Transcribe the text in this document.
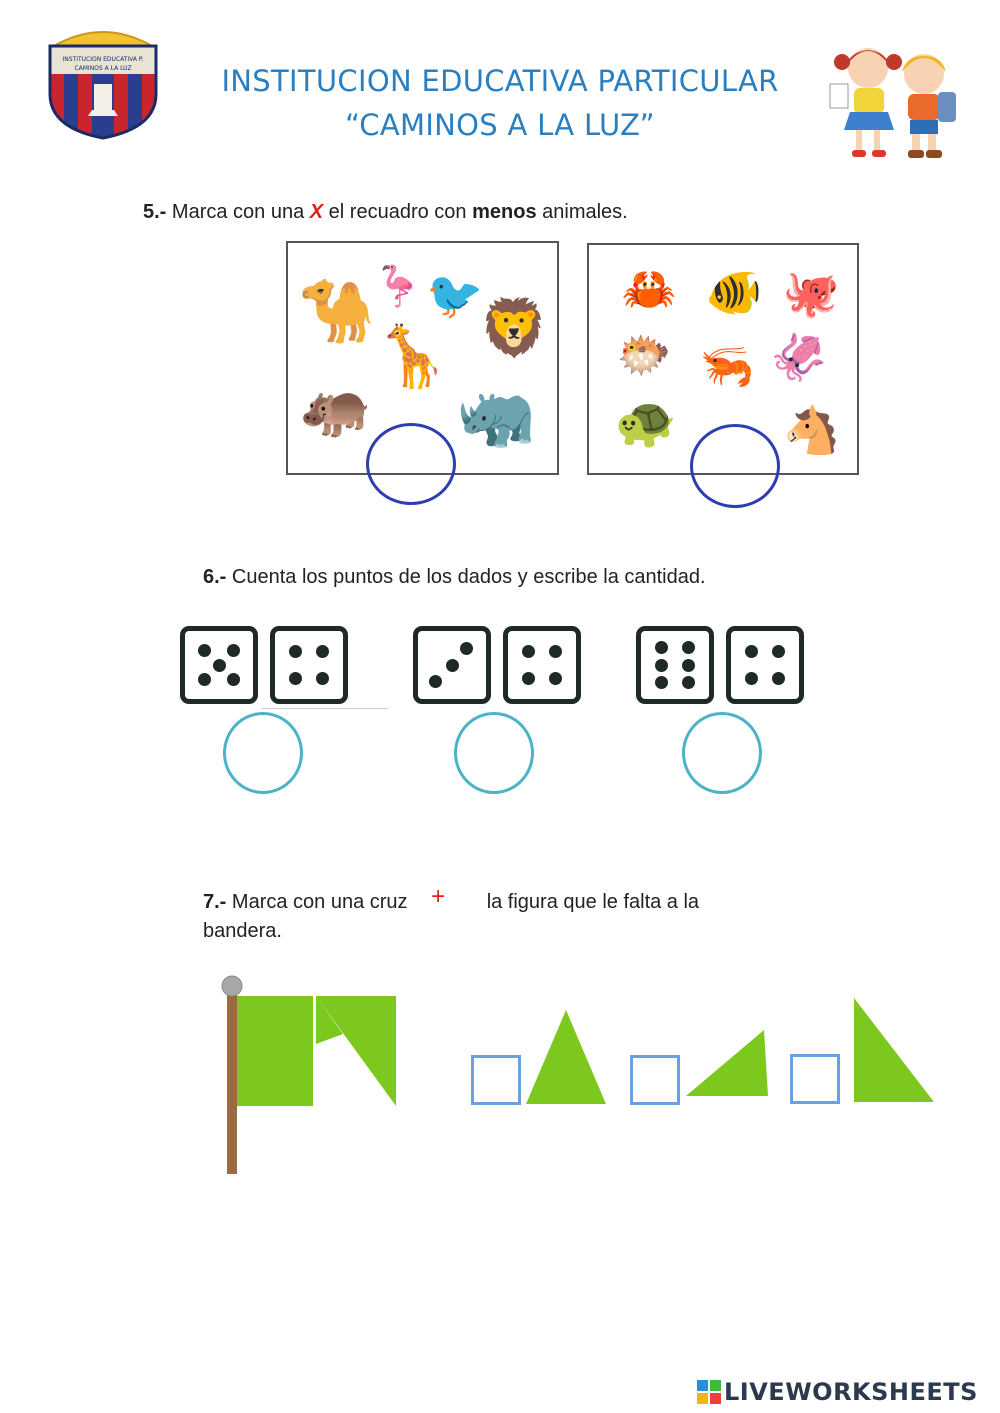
INSTITUCION EDUCATIVA P.
CAMINOS A LA LUZ	INSTITUCION EDUCATIVA PARTICULAR
“CAMINOS A LA LUZ”
5.- Marca con una X el recuadro con menos animales.
🐪
🦩 🐦
🦁
🦒
🦛 🦏
🦀 🐠 🐙
🐡 🦐 🦑
🐢 🐴
6.- Cuenta los puntos de los dados y escribe la cantidad.
7.- Marca con una cruz + la figura que le falta a la
bandera.
LIVEWORKSHEETS
